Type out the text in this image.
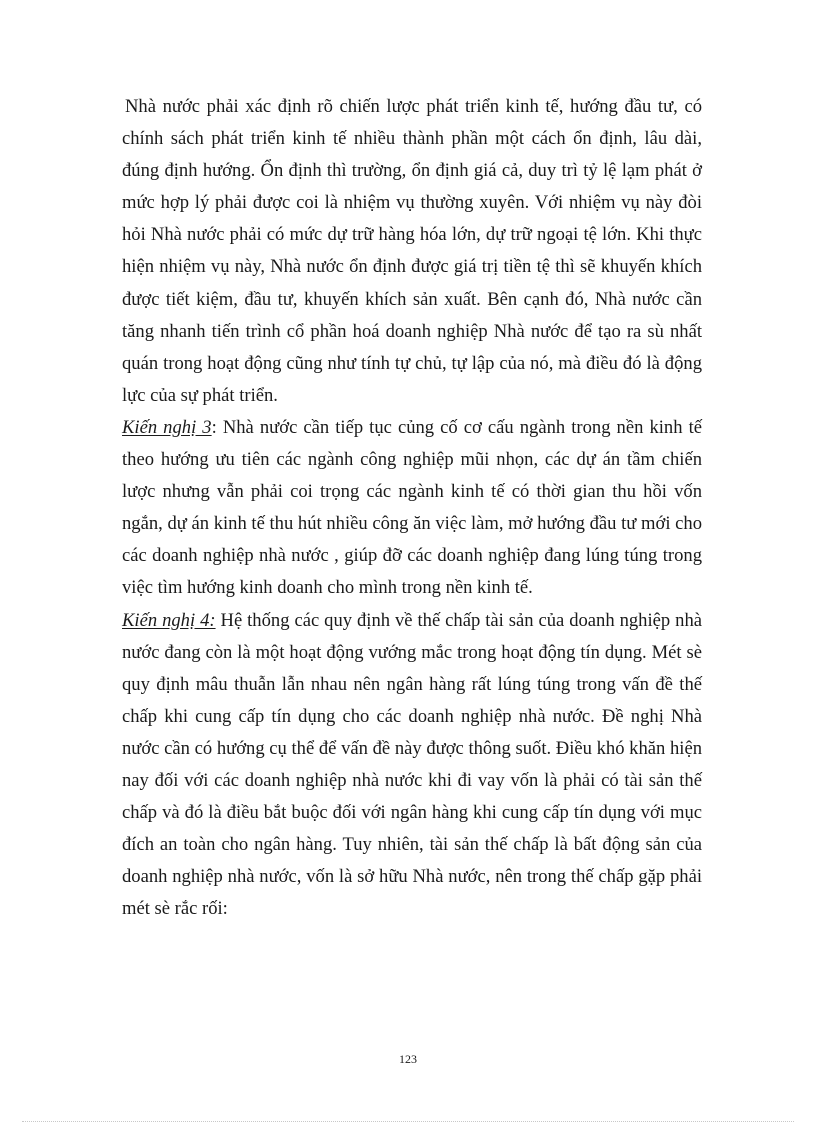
Nhà nước phải xác định rõ chiến lược phát triển kinh tế, hướng đầu tư, có chính sách phát triển kinh tế nhiều thành phần một cách ổn định, lâu dài, đúng định hướng. Ổn định thì trường, ổn định giá cả, duy trì tỷ lệ lạm phát ở mức hợp lý phải được coi là nhiệm vụ thường xuyên. Với nhiệm vụ này đòi hỏi Nhà nước phải có mức dự trữ hàng hóa lớn, dự trữ ngoại tệ lớn. Khi thực hiện nhiệm vụ này, Nhà nước ổn định được giá trị tiền tệ thì sẽ khuyến khích được tiết kiệm, đầu tư, khuyến khích sản xuất. Bên cạnh đó, Nhà nước cần tăng nhanh tiến trình cổ phần hoá doanh nghiệp Nhà nước để tạo ra sù nhất quán trong hoạt động cũng như tính tự chủ, tự lập của nó, mà điều đó là động lực của sự phát triển.

Kiến nghị 3: Nhà nước cần tiếp tục củng cố cơ cấu ngành trong nền kinh tế theo hướng ưu tiên các ngành công nghiệp mũi nhọn, các dự án tầm chiến lược nhưng vẫn phải coi trọng các ngành kinh tế có thời gian thu hồi vốn ngắn, dự án kinh tế thu hút nhiều công ăn việc làm, mở hướng đầu tư mới cho các doanh nghiệp nhà nước , giúp đỡ các doanh nghiệp đang lúng túng trong việc tìm hướng kinh doanh cho mình trong nền kinh tế.

Kiến nghị 4: Hệ thống các quy định về thế chấp tài sản của doanh nghiệp nhà nước đang còn là một hoạt động vướng mắc trong hoạt động tín dụng. Mét sè quy định mâu thuẫn lẫn nhau nên ngân hàng rất lúng túng trong vấn đề thế chấp khi cung cấp tín dụng cho các doanh nghiệp nhà nước. Đề nghị Nhà nước cần có hướng cụ thể để vấn đề này được thông suốt. Điều khó khăn hiện nay đối với các doanh nghiệp nhà nước khi đi vay vốn là phải có tài sản thế chấp và đó là điều bắt buộc đối với ngân hàng khi cung cấp tín dụng với mục đích an toàn cho ngân hàng. Tuy nhiên, tài sản thế chấp là bất động sản của doanh nghiệp nhà nước, vốn là sở hữu Nhà nước, nên trong thế chấp gặp phải mét sè rắc rối:

123
